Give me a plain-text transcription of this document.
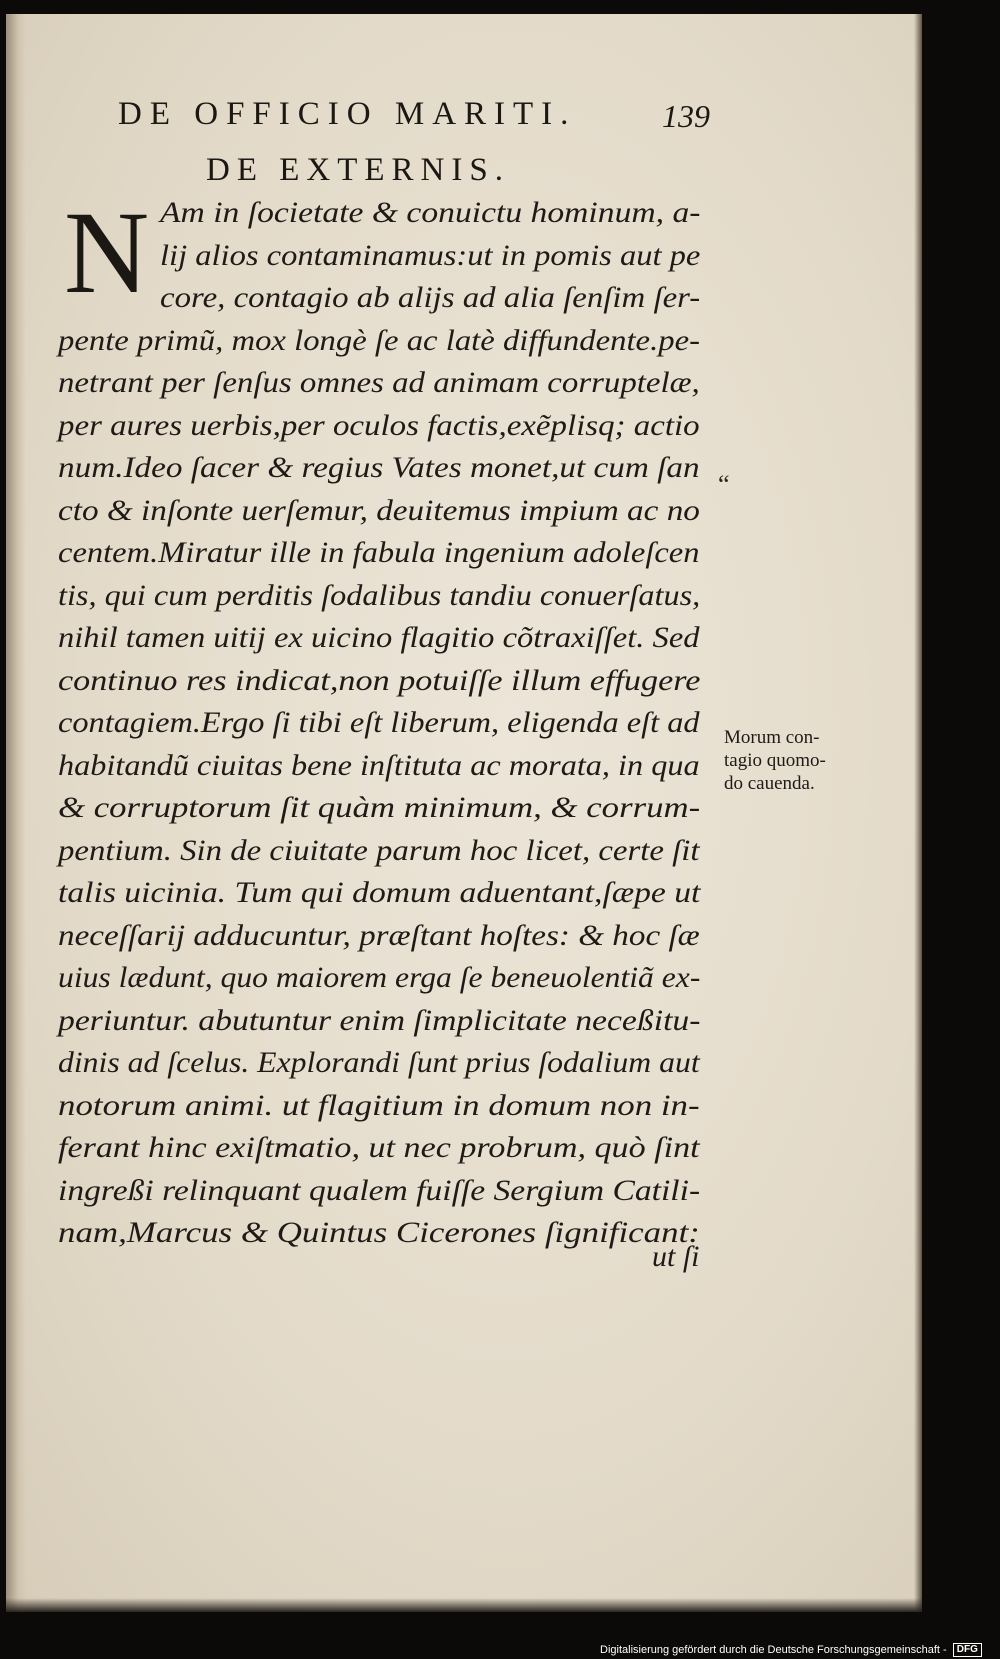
DE OFFICIO MARITI.	139
DE EXTERNIS.
N Am in ſocietate & conuictu hominum, a-
lij alios contaminamus:ut in pomis aut pe
core, contagio ab alijs ad alia ſenſim ſer-
pente primũ, mox longè ſe ac latè diffundente.pe-
netrant per ſenſus omnes ad animam corruptelæ,
per aures uerbis,per oculos factis,exẽplisq; actio
num.Ideo ſacer & regius Vates monet,ut cum ſan
cto & inſonte uerſemur, deuitemus impium ac no
centem.Miratur ille in fabula ingenium adoleſcen
tis, qui cum perditis ſodalibus tandiu conuerſatus,
nihil tamen uitij ex uicino flagitio cõtraxiſſet. Sed
continuo res indicat,non potuiſſe illum effugere
contagiem.Ergo ſi tibi eſt liberum, eligenda eſt ad
habitandũ ciuitas bene inſtituta ac morata, in qua
& corruptorum ſit quàm minimum, & corrum-
pentium. Sin de ciuitate parum hoc licet, certe ſit
talis uicinia. Tum qui domum aduentant,ſæpe ut
neceſſarij adducuntur, præſtant hoſtes: & hoc ſæ
uius lædunt, quo maiorem erga ſe beneuolentiã ex-
periuntur. abutuntur enim ſimplicitate neceßitu-
dinis ad ſcelus. Explorandi ſunt prius ſodalium aut
notorum animi. ut flagitium in domum non in-
ferant hinc exiſtmatio, ut nec probrum, quò ſint
ingreßi relinquant qualem fuiſſe Sergium Catili-
nam,Marcus & Quintus Cicerones ſignificant:
ut ſi
“
Morum con-
tagio quomo-
do cauenda.
Digitalisierung gefördert durch die Deutsche Forschungsgemeinschaft - DFG
